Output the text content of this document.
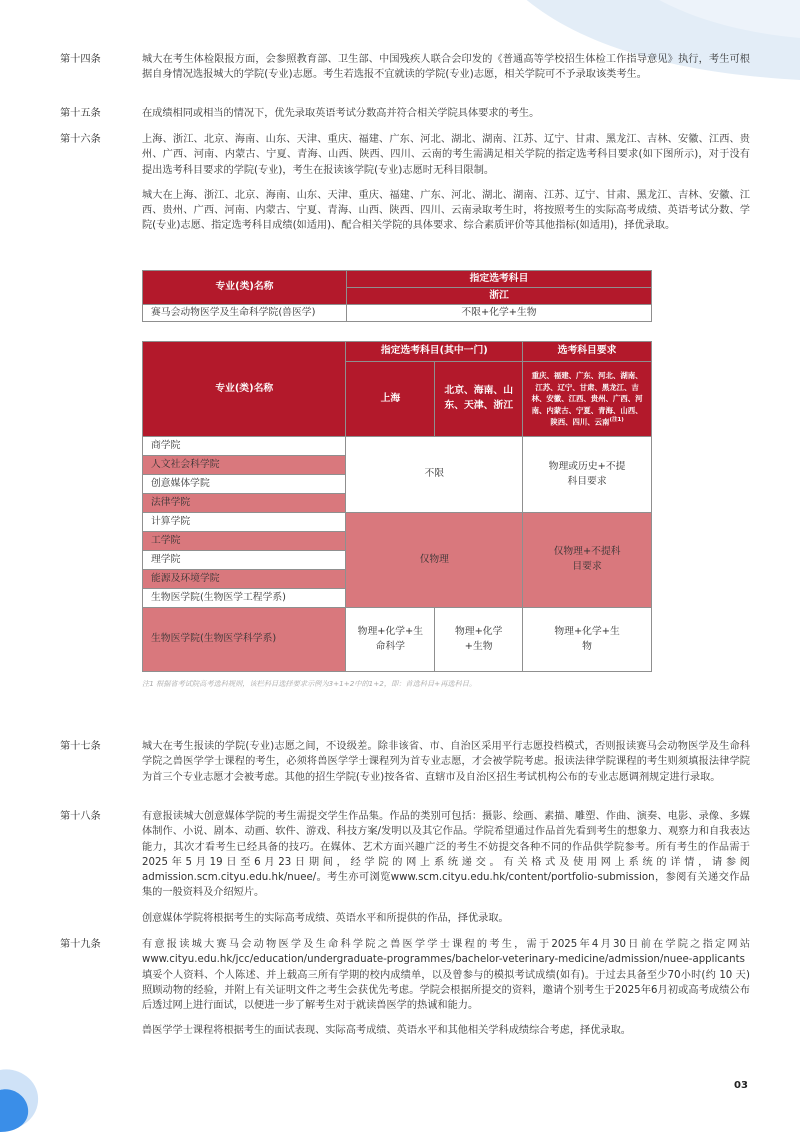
第十四条	城大在考生体检限报方面，会参照教育部、卫生部、中国残疾人联合会印发的《普通高等学校招生体检工作指导意见》执行，考生可根据自身情况选报城大的学院(专业)志愿。考生若选报不宜就读的学院(专业)志愿，相关学院可不予录取该类考生。

第十五条	在成绩相同或相当的情况下，优先录取英语考试分数高并符合相关学院具体要求的考生。

第十六条	上海、浙江、北京、海南、山东、天津、重庆、福建、广东、河北、湖北、湖南、江苏、辽宁、甘肃、黑龙江、吉林、安徽、江西、贵州、广西、河南、内蒙古、宁夏、青海、山西、陕西、四川、云南的考生需满足相关学院的指定选考科目要求(如下图所示)，对于没有提出选考科目要求的学院(专业)，考生在报读该学院(专业)志愿时无科目限制。

城大在上海、浙江、北京、海南、山东、天津、重庆、福建、广东、河北、湖北、湖南、江苏、辽宁、甘肃、黑龙江、吉林、安徽、江西、贵州、广西、河南、内蒙古、宁夏、青海、山西、陕西、四川、云南录取考生时，将按照考生的实际高考成绩、英语考试分数、学院(专业)志愿、指定选考科目成绩(如适用)、配合相关学院的具体要求、综合素质评价等其他指标(如适用)，择优录取。

专业(类)名称	指定选考科目
	浙江
赛马会动物医学及生命科学院(兽医学)	不限+化学+生物
专业(类)名称	指定选考科目(其中一门)		选考科目要求
	上海	北京、海南、山东、天津、浙江	重庆、福建、广东、河北、湖南、江苏、辽宁、甘肃、黑龙江、吉林、安徽、江西、贵州、广西、河南、内蒙古、宁夏、青海、山西、陕西、四川、云南$^{(注1)}$
商学院	不限		物理或历史+不提科目要求
人文社会科学院			
创意媒体学院			
法律学院			
计算学院	仅物理		仅物理+不提科目要求
工学院			
理学院			
能源及环境学院			
生物医学院(生物医学工程学系)			
生物医学院(生物医学科学系)	物理+化学+生命科学	物理+化学+生物	物理+化学+生物
注1 根据省考试院高考选科规则，该栏科目选择要求示例为3+1+2中的1+2，即：首选科目+再选科目。
第十七条	城大在考生报读的学院(专业)志愿之间，不设级差。除非该省、市、自治区采用平行志愿投档模式，否则报读赛马会动物医学及生命科学院之兽医学学士课程的考生，必须将兽医学学士课程列为首专业志愿，才会被学院考虑。报读法律学院课程的考生则须填报法律学院为首三个专业志愿才会被考虑。其他的招生学院(专业)按各省、直辖市及自治区招生考试机构公布的专业志愿调剂规定进行录取。

第十八条	有意报读城大创意媒体学院的考生需提交学生作品集。作品的类别可包括：摄影、绘画、素描、雕塑、作曲、演奏、电影、录像、多媒体制作、小说、剧本、动画、软件、游戏、科技方案/发明以及其它作品。学院希望通过作品首先看到考生的想象力、观察力和自我表达能力，其次才看考生已经具备的技巧。在媒体、艺术方面兴趣广泛的考生不妨提交各种不同的作品供学院参考。所有考生的作品需于2025年5月19日至6月23日期间，经学院的网上系统递交。有关格式及使用网上系统的详情，请参阅admission.scm.cityu.edu.hk/nuee/。考生亦可浏览www.scm.cityu.edu.hk/content/portfolio-submission，参阅有关递交作品集的一般资料及介绍短片。

创意媒体学院将根据考生的实际高考成绩、英语水平和所提供的作品，择优录取。

第十九条	有意报读城大赛马会动物医学及生命科学院之兽医学学士课程的考生，需于2025年4月30日前在学院之指定网站www.cityu.edu.hk/jcc/education/undergraduate-programmes/bachelor-veterinary-medicine/admission/nuee-applicants填妥个人资料、个人陈述、并上载高三所有学期的校内成绩单，以及曾参与的模拟考试成绩(如有)。于过去具备至少70小时(约 10 天)照顾动物的经验，并附上有关证明文件之考生会获优先考虑。学院会根据所提交的资料，邀请个别考生于2025年6月初或高考成绩公布后透过网上进行面试，以便进一步了解考生对于就读兽医学的热诚和能力。

兽医学学士课程将根据考生的面试表现、实际高考成绩、英语水平和其他相关学科成绩综合考虑，择优录取。

03
